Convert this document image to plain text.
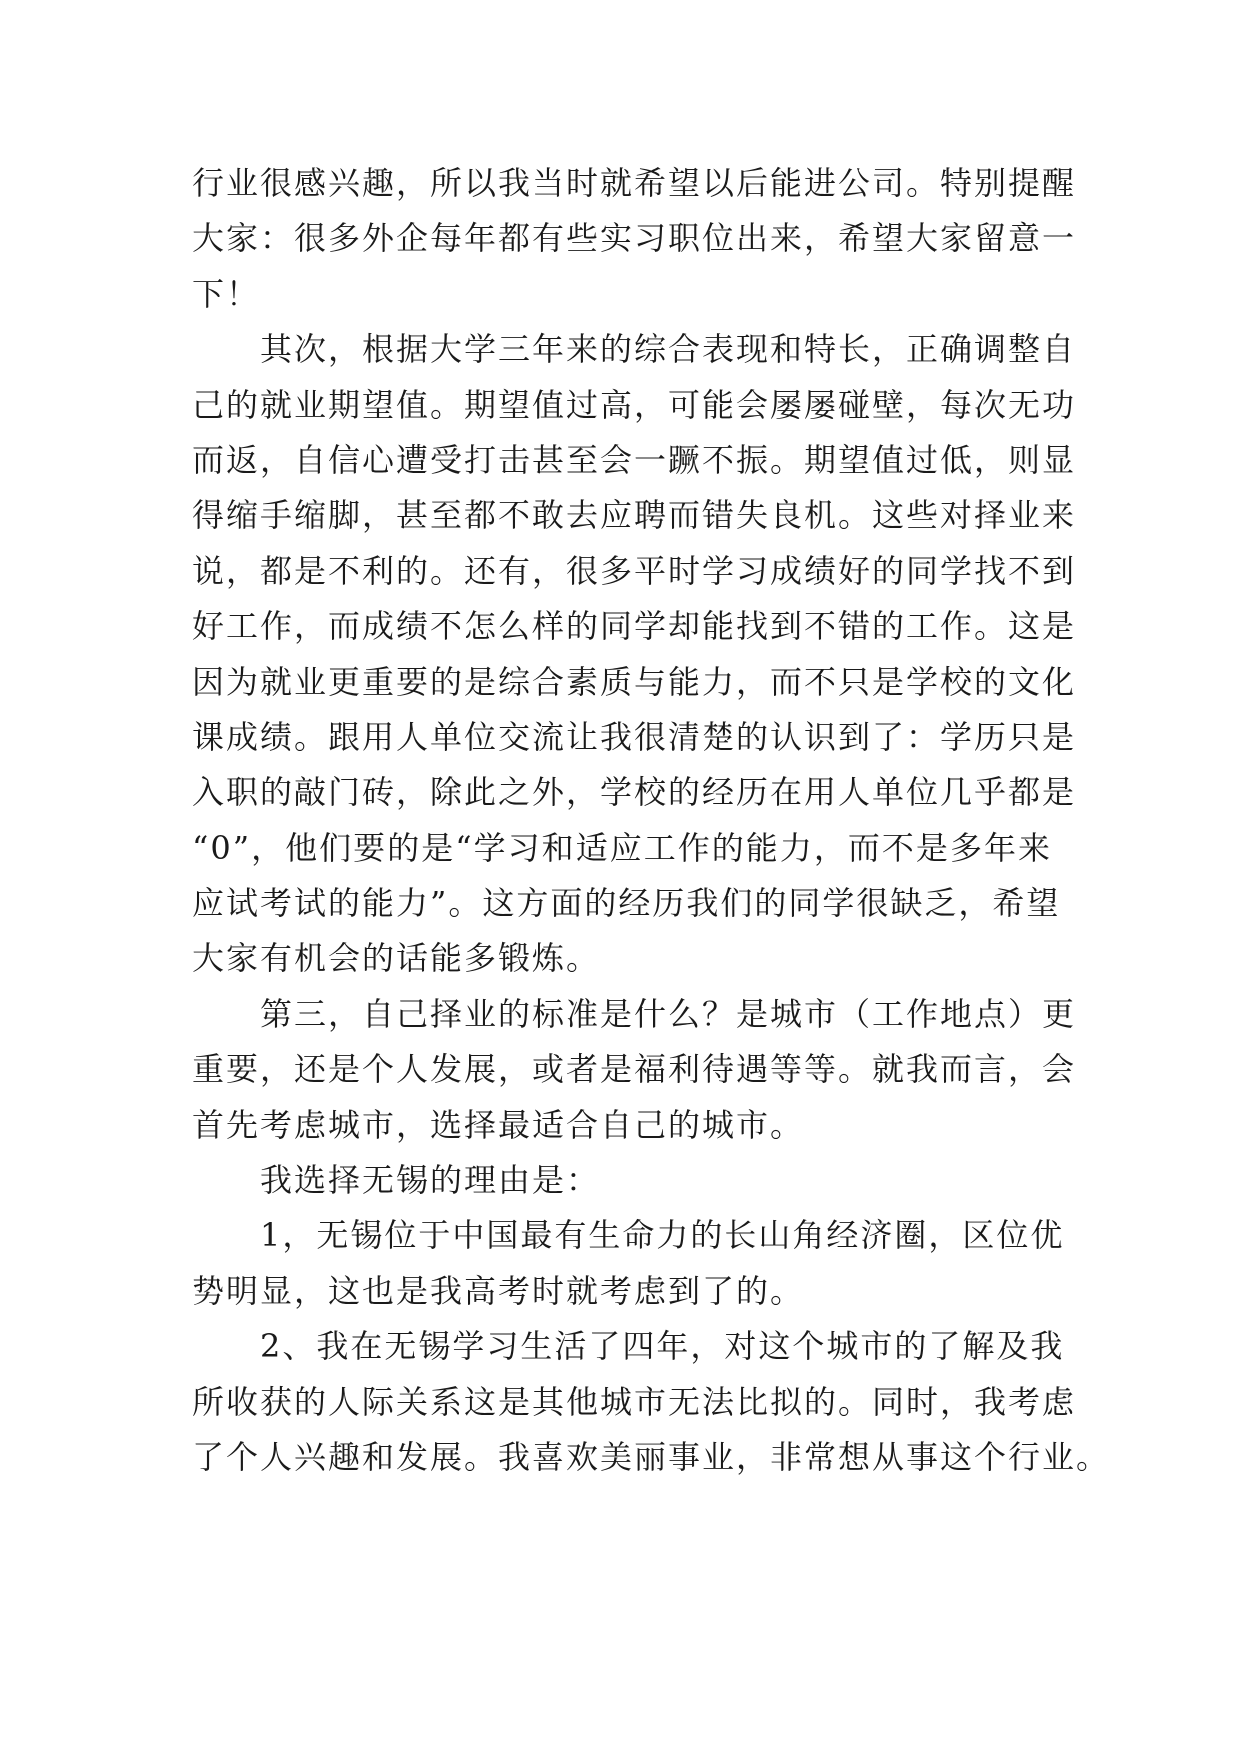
行业很感兴趣，所以我当时就希望以后能进公司。特别提醒
大家：很多外企每年都有些实习职位出来，希望大家留意一
下！
其次，根据大学三年来的综合表现和特长，正确调整自
己的就业期望值。期望值过高，可能会屡屡碰壁，每次无功
而返，自信心遭受打击甚至会一蹶不振。期望值过低，则显
得缩手缩脚，甚至都不敢去应聘而错失良机。这些对择业来
说，都是不利的。还有，很多平时学习成绩好的同学找不到
好工作，而成绩不怎么样的同学却能找到不错的工作。这是
因为就业更重要的是综合素质与能力，而不只是学校的文化
课成绩。跟用人单位交流让我很清楚的认识到了：学历只是
入职的敲门砖，除此之外，学校的经历在用人单位几乎都是
“0”，他们要的是“学习和适应工作的能力，而不是多年来
应试考试的能力”。这方面的经历我们的同学很缺乏，希望
大家有机会的话能多锻炼。
第三，自己择业的标准是什么？是城市（工作地点）更
重要，还是个人发展，或者是福利待遇等等。就我而言，会
首先考虑城市，选择最适合自己的城市。
我选择无锡的理由是：
1，无锡位于中国最有生命力的长山角经济圈，区位优
势明显，这也是我高考时就考虑到了的。
2、我在无锡学习生活了四年，对这个城市的了解及我
所收获的人际关系这是其他城市无法比拟的。同时，我考虑
了个人兴趣和发展。我喜欢美丽事业，非常想从事这个行业。
